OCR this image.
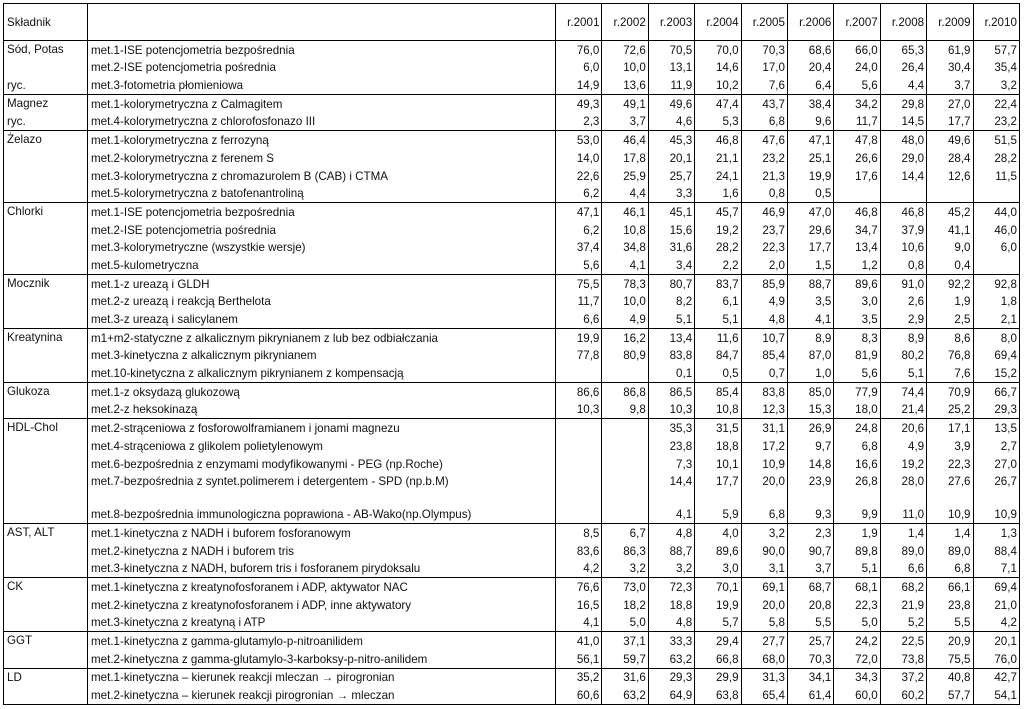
Składnik		r.2001	r.2002	r.2003	r.2004	r.2005	r.2006	r.2007	r.2008	r.2009	r.2010
Sód, Potas	met.1-ISE potencjometria bezpośrednia	76,0	72,6	70,5	70,0	70,3	68,6	66,0	65,3	61,9	57,7
	met.2-ISE potencjometria pośrednia	6,0	10,0	13,1	14,6	17,0	20,4	24,0	26,4	30,4	35,4
ryc.	met.3-fotometria płomieniowa	14,9	13,6	11,9	10,2	7,6	6,4	5,6	4,4	3,7	3,2
Magnez	met.1-kolorymetryczna z Calmagitem	49,3	49,1	49,6	47,4	43,7	38,4	34,2	29,8	27,0	22,4
ryc.	met.4-kolorymetryczna z chlorofosfonazo III	2,3	3,7	4,6	5,3	6,8	9,6	11,7	14,5	17,7	23,2
Żelazo	met.1-kolorymetryczna z ferrozyną	53,0	46,4	45,3	46,8	47,6	47,1	47,8	48,0	49,6	51,5
	met.2-kolorymetryczna z ferenem S	14,0	17,8	20,1	21,1	23,2	25,1	26,6	29,0	28,4	28,2
	met.3-kolorymetryczna z chromazurolem B (CAB) i CTMA	22,6	25,9	25,7	24,1	21,3	19,9	17,6	14,4	12,6	11,5
	met.5-kolorymetryczna z batofenantroliną	6,2	4,4	3,3	1,6	0,8	0,5				
Chlorki	met.1-ISE potencjometria bezpośrednia	47,1	46,1	45,1	45,7	46,9	47,0	46,8	46,8	45,2	44,0
	met.2-ISE potencjometria pośrednia	6,2	10,8	15,6	19,2	23,7	29,6	34,7	37,9	41,1	46,0
	met.3-kolorymetryczne (wszystkie wersje)	37,4	34,8	31,6	28,2	22,3	17,7	13,4	10,6	9,0	6,0
	met.5-kulometryczna	5,6	4,1	3,4	2,2	2,0	1,5	1,2	0,8	0,4	
Mocznik	met.1-z ureazą i GLDH	75,5	78,3	80,7	83,7	85,9	88,7	89,6	91,0	92,2	92,8
	met.2-z ureazą i reakcją Berthelota	11,7	10,0	8,2	6,1	4,9	3,5	3,0	2,6	1,9	1,8
	met.3-z ureazą i salicylanem	6,6	4,9	5,1	5,1	4,8	4,1	3,5	2,9	2,5	2,1
Kreatynina	m1+m2-statyczne z alkalicznym pikrynianem z lub bez odbiałczania	19,9	16,2	13,4	11,6	10,7	8,9	8,3	8,9	8,6	8,0
	met.3-kinetyczna z alkalicznym pikrynianem	77,8	80,9	83,8	84,7	85,4	87,0	81,9	80,2	76,8	69,4
	met.10-kinetyczna z alkalicznym pikrynianem z kompensacją			0,1	0,5	0,7	1,0	5,6	5,1	7,6	15,2
Glukoza	met.1-z oksydazą glukozową	86,6	86,8	86,5	85,4	83,8	85,0	77,9	74,4	70,9	66,7
	met.2-z heksokinazą	10,3	9,8	10,3	10,8	12,3	15,3	18,0	21,4	25,2	29,3
HDL-Chol	met.2-strąceniowa z fosforowolframianem i jonami magnezu			35,3	31,5	31,1	26,9	24,8	20,6	17,1	13,5
	met.4-strąceniowa z glikolem polietylenowym			23,8	18,8	17,2	9,7	6,8	4,9	3,9	2,7
	met.6-bezpośrednia z enzymami modyfikowanymi - PEG (np.Roche)			7,3	10,1	10,9	14,8	16,6	19,2	22,3	27,0
	met.7-bezpośrednia z syntet.polimerem i detergentem - SPD (np.b.M)			14,4	17,7	20,0	23,9	26,8	28,0	27,6	26,7
	met.8-bezpośrednia immunologiczna poprawiona - AB-Wako(np.Olympus)			4,1	5,9	6,8	9,3	9,9	11,0	10,9	10,9
AST, ALT	met.1-kinetyczna z NADH i buforem fosforanowym	8,5	6,7	4,8	4,0	3,2	2,3	1,9	1,4	1,4	1,3
	met.2-kinetyczna z NADH i buforem tris	83,6	86,3	88,7	89,6	90,0	90,7	89,8	89,0	89,0	88,4
	met.3-kinetyczna z NADH, buforem tris i fosforanem pirydoksalu	4,2	3,2	3,2	3,0	3,1	3,7	5,1	6,6	6,8	7,1
CK	met.1-kinetyczna z kreatynofosforanem i ADP, aktywator NAC	76,6	73,0	72,3	70,1	69,1	68,7	68,1	68,2	66,1	69,4
	met.2-kinetyczna z kreatynofosforanem i ADP, inne aktywatory	16,5	18,2	18,8	19,9	20,0	20,8	22,3	21,9	23,8	21,0
	met.3-kinetyczna z kreatyną i ATP	4,1	5,0	4,8	5,7	5,8	5,5	5,0	5,2	5,5	4,2
GGT	met.1-kinetyczna z gamma-glutamylo-p-nitroanilidem	41,0	37,1	33,3	29,4	27,7	25,7	24,2	22,5	20,9	20,1
	met.2-kinetyczna z gamma-glutamylo-3-karboksy-p-nitro-anilidem	56,1	59,7	63,2	66,8	68,0	70,3	72,0	73,8	75,5	76,0
LD	met.1-kinetyczna – kierunek reakcji mleczan → pirogronian	35,2	31,6	29,3	29,9	31,3	34,1	34,3	37,2	40,8	42,7
	met.2-kinetyczna – kierunek reakcji pirogronian → mleczan	60,6	63,2	64,9	63,8	65,4	61,4	60,0	60,2	57,7	54,1
